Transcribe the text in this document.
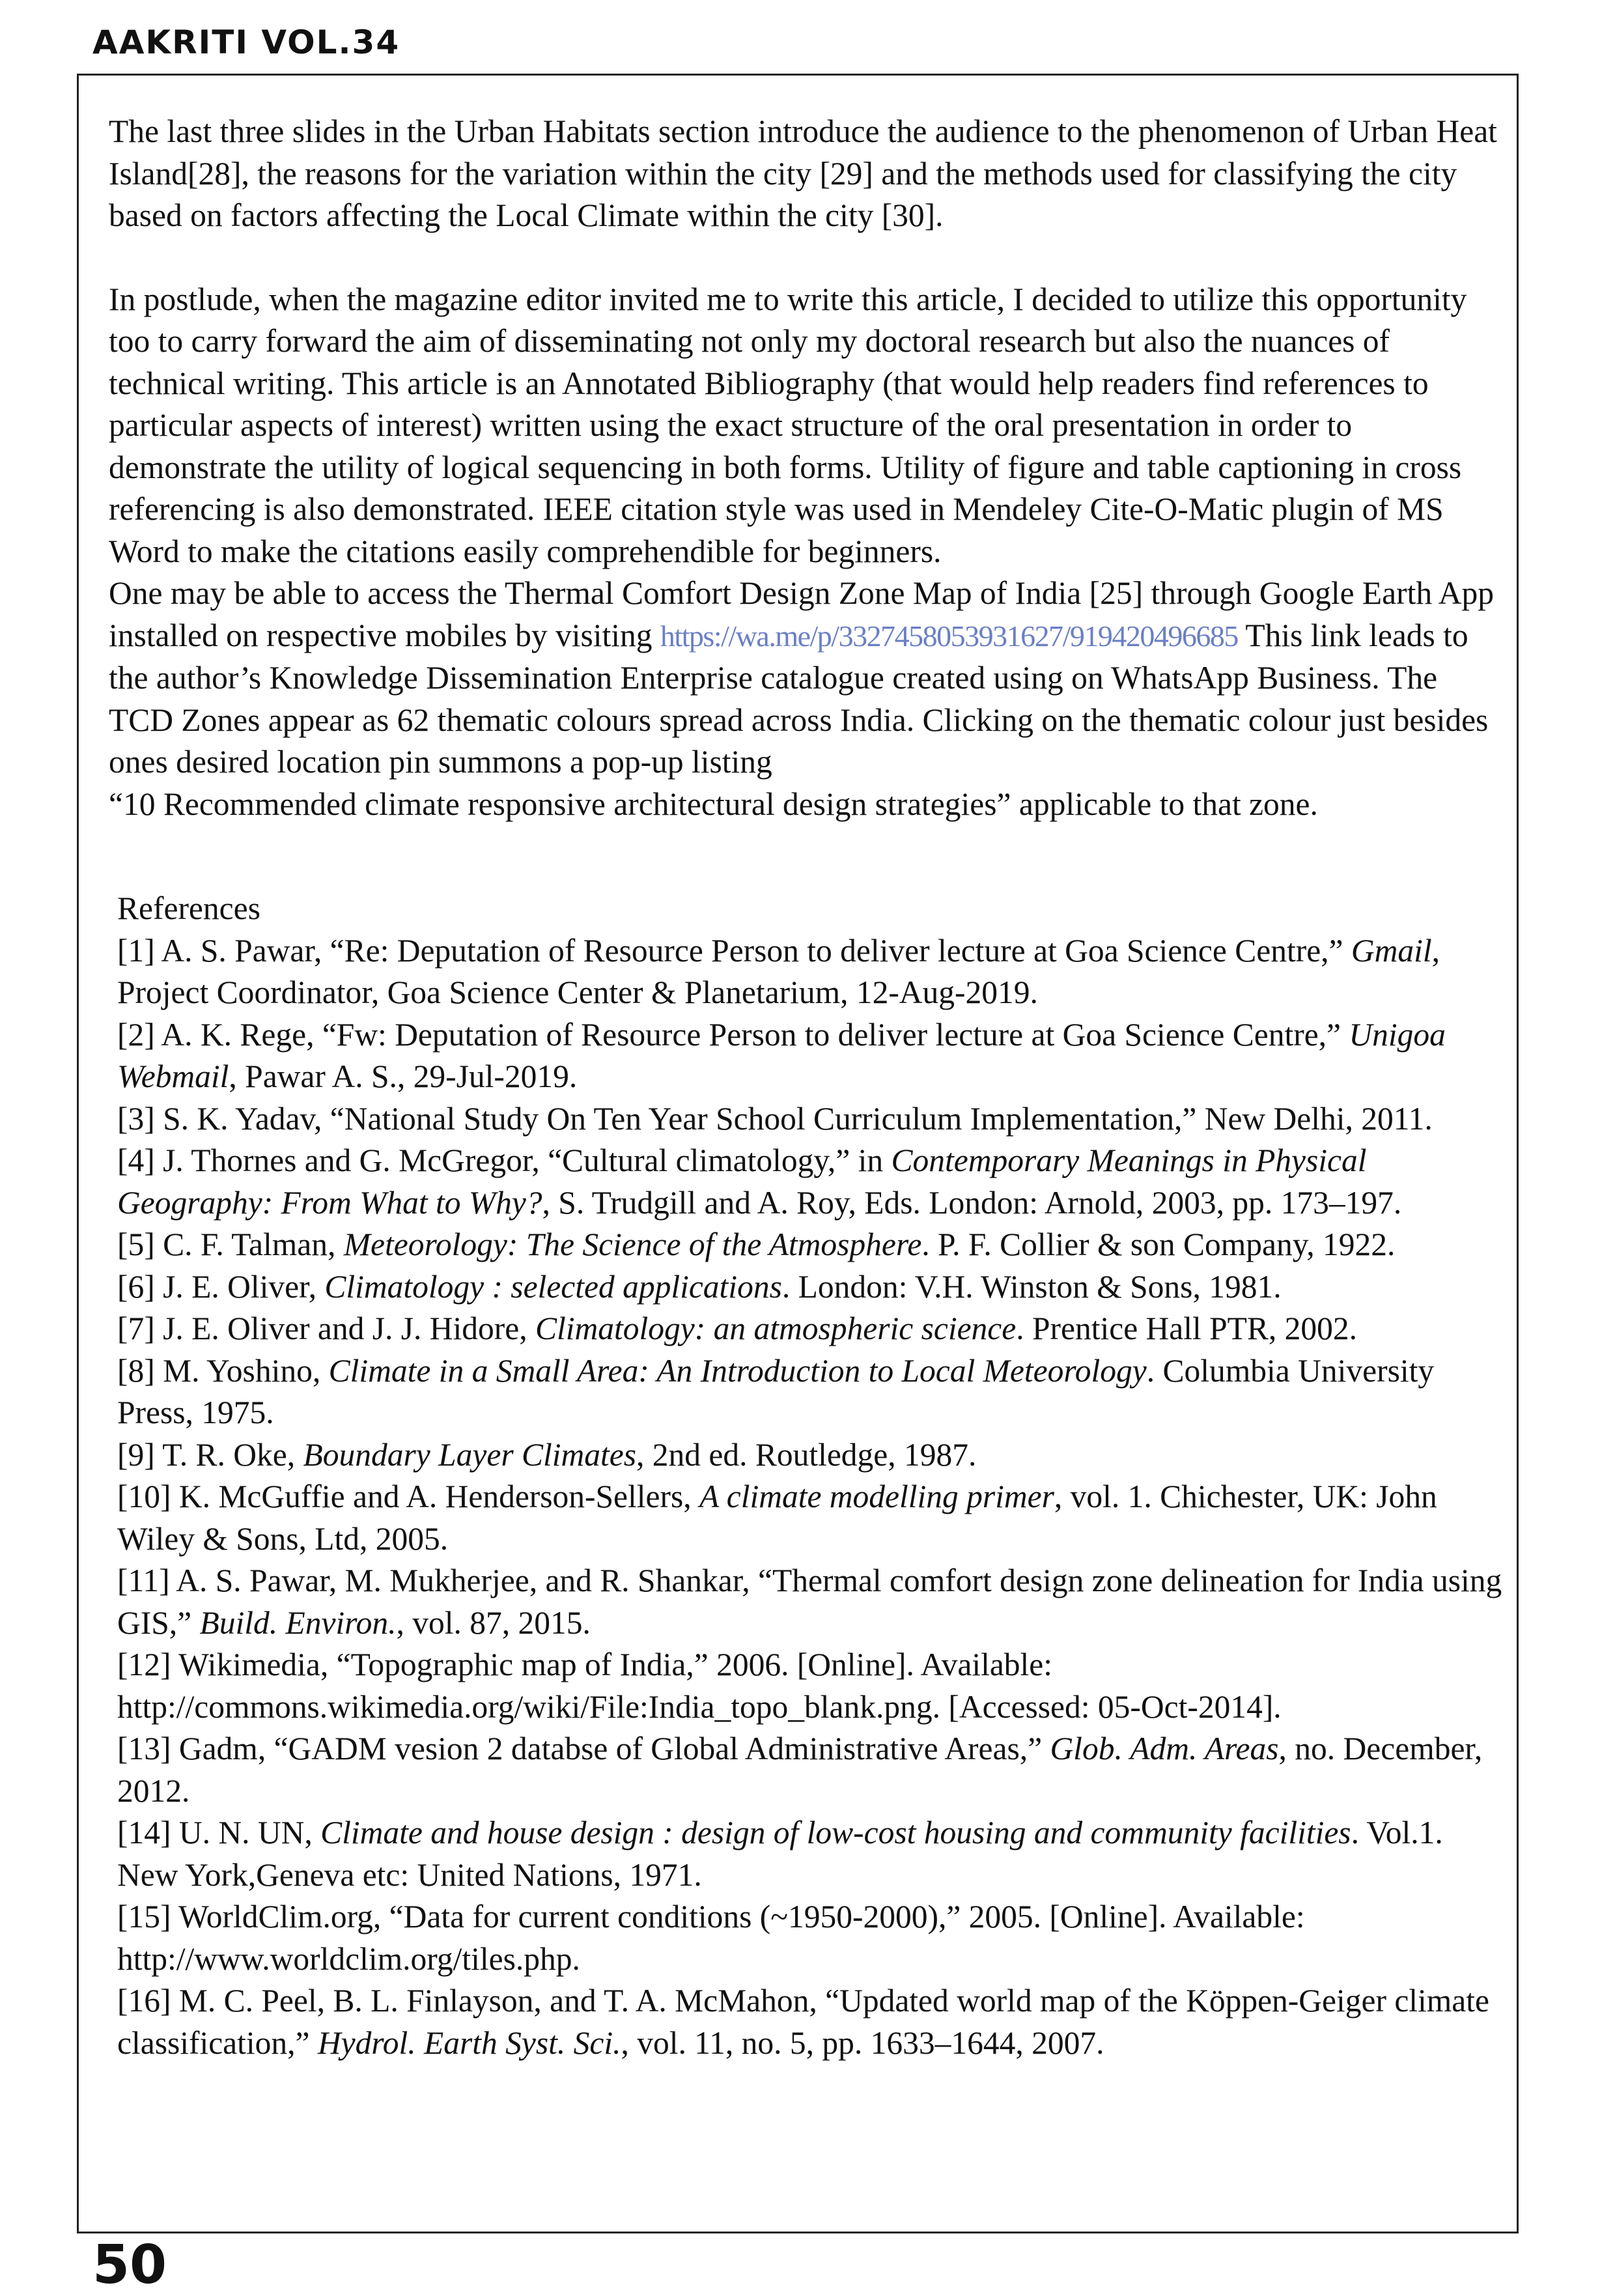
AAKRITI VOL.34

The last three slides in the Urban Habitats section introduce the audience to the phenomenon of Urban Heat Island[28], the reasons for the variation within the city [29] and the methods used for classifying the city based on factors affecting the Local Climate within the city [30].

In postlude, when the magazine editor invited me to write this article, I decided to utilize this opportunity too to carry forward the aim of disseminating not only my doctoral research but also the nuances of technical writing. This article is an Annotated Bibliography (that would help readers find references to particular aspects of interest) written using the exact structure of the oral presentation in order to demonstrate the utility of logical sequencing in both forms. Utility of figure and table captioning in cross referencing is also demonstrated. IEEE citation style was used in Mendeley Cite-O-Matic plugin of MS Word to make the citations easily comprehendible for beginners.

One may be able to access the Thermal Comfort Design Zone Map of India [25] through Google Earth App installed on respective mobiles by visiting https://wa.me/p/3327458053931627/919420496685 This link leads to the author’s Knowledge Dissemination Enterprise catalogue created using on WhatsApp Business. The TCD Zones appear as 62 thematic colours spread across India. Clicking on the thematic colour just besides ones desired location pin summons a pop-up listing

“10 Recommended climate responsive architectural design strategies” applicable to that zone.

References

[1] A. S. Pawar, “Re: Deputation of Resource Person to deliver lecture at Goa Science Centre,” Gmail, Project Coordinator, Goa Science Center & Planetarium, 12-Aug-2019.

[2] A. K. Rege, “Fw: Deputation of Resource Person to deliver lecture at Goa Science Centre,” Unigoa Webmail, Pawar A. S., 29-Jul-2019.

[3] S. K. Yadav, “National Study On Ten Year School Curriculum Implementation,” New Delhi, 2011.

[4] J. Thornes and G. McGregor, “Cultural climatology,” in Contemporary Meanings in Physical Geography: From What to Why?, S. Trudgill and A. Roy, Eds. London: Arnold, 2003, pp. 173–197.

[5] C. F. Talman, Meteorology: The Science of the Atmosphere. P. F. Collier & son Company, 1922.

[6] J. E. Oliver, Climatology : selected applications. London: V.H. Winston & Sons, 1981.

[7] J. E. Oliver and J. J. Hidore, Climatology: an atmospheric science. Prentice Hall PTR, 2002.

[8] M. Yoshino, Climate in a Small Area: An Introduction to Local Meteorology. Columbia University Press, 1975.

[9] T. R. Oke, Boundary Layer Climates, 2nd ed. Routledge, 1987.

[10] K. McGuffie and A. Henderson-Sellers, A climate modelling primer, vol. 1. Chichester, UK: John Wiley & Sons, Ltd, 2005.

[11] A. S. Pawar, M. Mukherjee, and R. Shankar, “Thermal comfort design zone delineation for India using GIS,” Build. Environ., vol. 87, 2015.

[12] Wikimedia, “Topographic map of India,” 2006. [Online]. Available: http://commons.wikimedia.org/wiki/File:India_topo_blank.png. [Accessed: 05-Oct-2014].

[13] Gadm, “GADM vesion 2 databse of Global Administrative Areas,” Glob. Adm. Areas, no. December, 2012.

[14] U. N. UN, Climate and house design : design of low-cost housing and community facilities. Vol.1. New York,Geneva etc: United Nations, 1971.

[15] WorldClim.org, “Data for current conditions (~1950-2000),” 2005. [Online]. Available: http://www.worldclim.org/tiles.php.

[16] M. C. Peel, B. L. Finlayson, and T. A. McMahon, “Updated world map of the Köppen-Geiger climate classification,” Hydrol. Earth Syst. Sci., vol. 11, no. 5, pp. 1633–1644, 2007.

50
